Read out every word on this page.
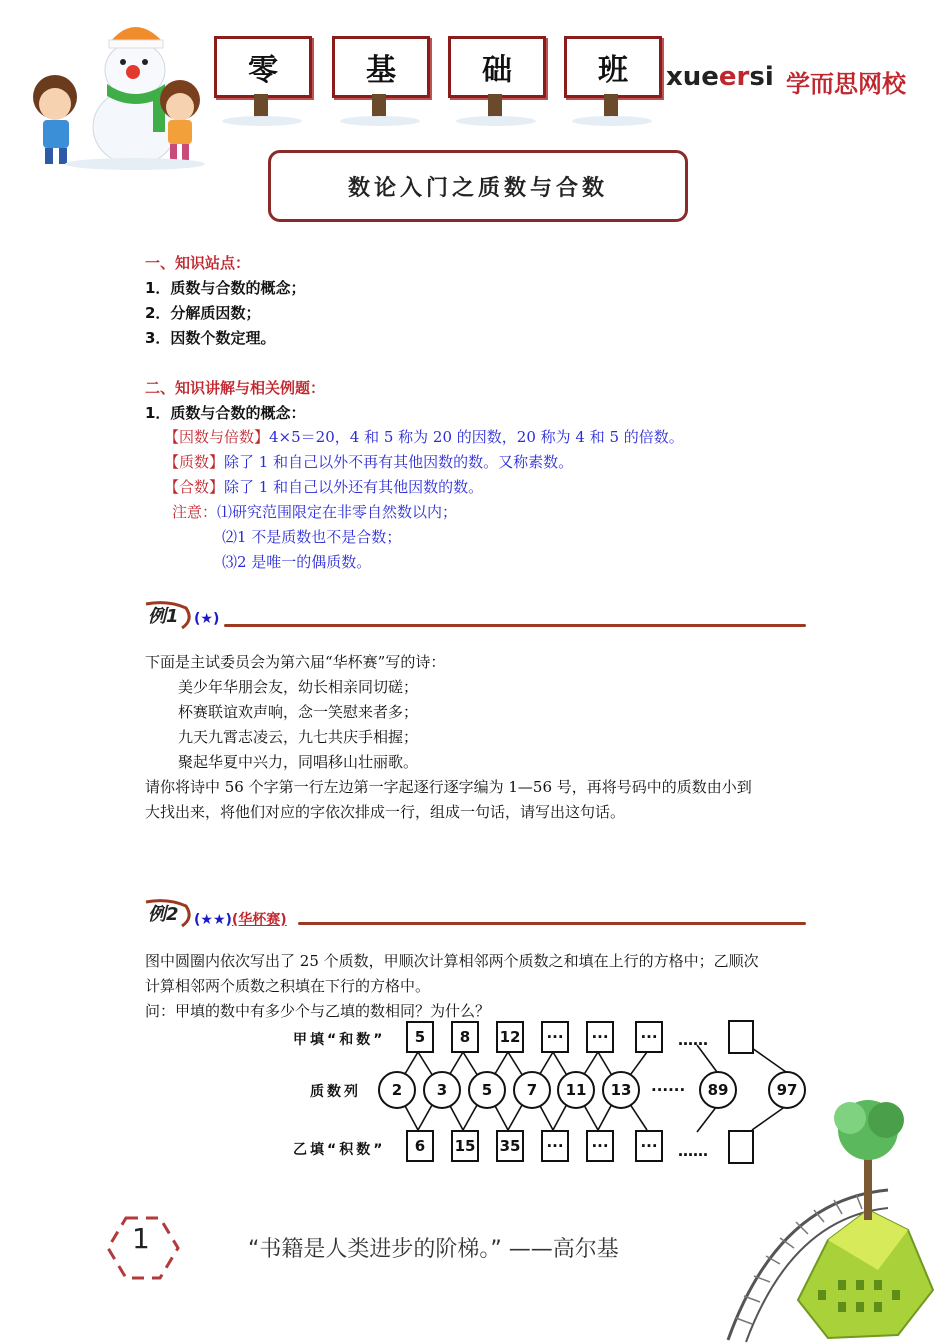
零	基	础	班	xueersi 学而思网校
数论入门之质数与合数
一、知识站点：
1．质数与合数的概念；
2．分解质因数；
3．因数个数定理。
二、知识讲解与相关例题：
1．质数与合数的概念：
【因数与倍数】4×5＝20，4 和 5 称为 20 的因数，20 称为 4 和 5 的倍数。
【质数】除了 1 和自己以外不再有其他因数的数。又称素数。
【合数】除了 1 和自己以外还有其他因数的数。
注意：⑴研究范围限定在非零自然数以内；
⑵1 不是质数也不是合数；
⑶2 是唯一的偶质数。
例1 (★)
下面是主试委员会为第六届“华杯赛”写的诗：
美少年华朋会友，幼长相亲同切磋；
杯赛联谊欢声响，念一笑慰来者多；
九天九霄志凌云，九七共庆手相握；
聚起华夏中兴力，同唱移山壮丽歌。
请你将诗中 56 个字第一行左边第一字起逐行逐字编为 1—56 号，再将号码中的质数由小到
大找出来，将他们对应的字依次排成一行，组成一句话，请写出这句话。
例2 (★★)(华杯赛)
图中圆圈内依次写出了 25 个质数，甲顺次计算相邻两个质数之和填在上行的方格中；乙顺次
计算相邻两个质数之积填在下行的方格中。
问：甲填的数中有多少个与乙填的数相同？为什么？
甲填“和数”
质数列
乙填“积数”
5	8	12	···	···	···	……
2	3	5	7	11	13	······	89	97
6	15 35	···	···	···	……
1	“书籍是人类进步的阶梯。” ——高尔基
